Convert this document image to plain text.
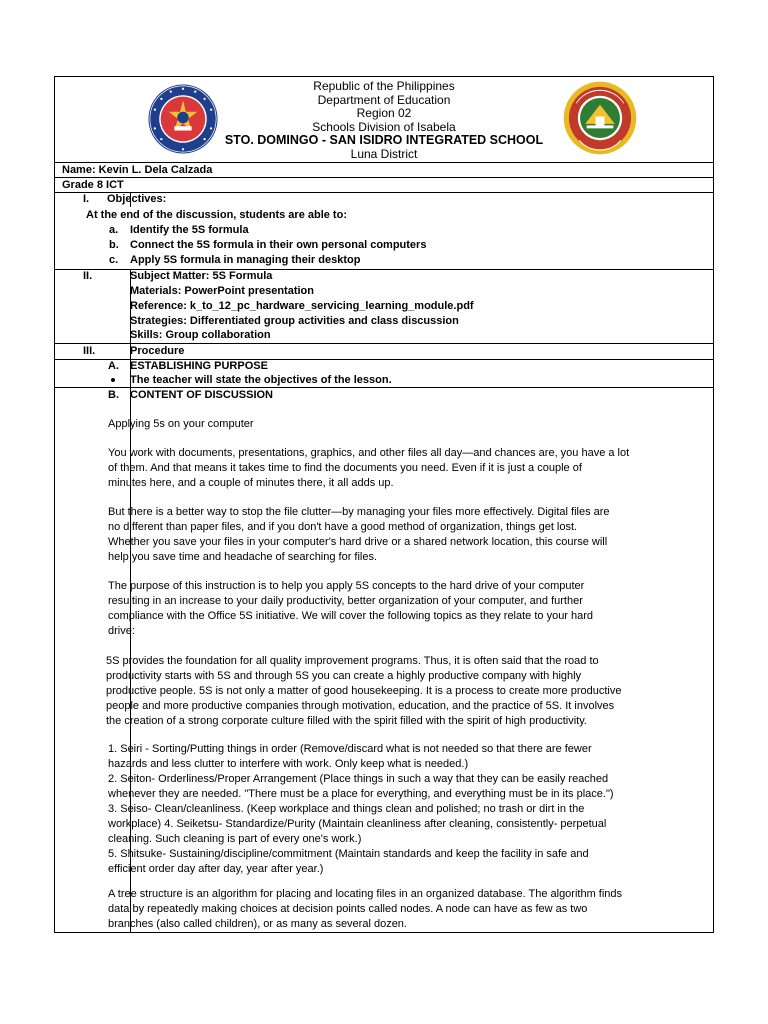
Republic of the Philippines
Department of Education
Region 02
Schools Division of Isabela
STO. DOMINGO - SAN ISIDRO INTEGRATED SCHOOL
Luna District
Name: Kevin L. Dela Calzada
Grade 8 ICT
I. Objectives:
At the end of the discussion, students are able to:
a. Identify the 5S formula
b. Connect the 5S formula in their own personal computers
c. Apply 5S formula in managing their desktop
II.	Subject Matter: 5S Formula
Materials: PowerPoint presentation
Reference: k_to_12_pc_hardware_servicing_learning_module.pdf
Strategies: Differentiated group activities and class discussion
Skills: Group collaboration
III.	Procedure
A. ESTABLISHING PURPOSE
The teacher will state the objectives of the lesson.
B. CONTENT OF DISCUSSION
Applying 5s on your computer
You work with documents, presentations, graphics, and other files all day—and chances are, you have a lot
of them. And that means it takes time to find the documents you need. Even if it is just a couple of
minutes here, and a couple of minutes there, it all adds up.
But there is a better way to stop the file clutter—by managing your files more effectively. Digital files are
no different than paper files, and if you don't have a good method of organization, things get lost.
Whether you save your files in your computer's hard drive or a shared network location, this course will
help you save time and headache of searching for files.
The purpose of this instruction is to help you apply 5S concepts to the hard drive of your computer
resulting in an increase to your daily productivity, better organization of your computer, and further
compliance with the Office 5S initiative. We will cover the following topics as they relate to your hard
drive:
5S provides the foundation for all quality improvement programs. Thus, it is often said that the road to
productivity starts with 5S and through 5S you can create a highly productive company with highly
productive people. 5S is not only a matter of good housekeeping. It is a process to create more productive
people and more productive companies through motivation, education, and the practice of 5S. It involves
the creation of a strong corporate culture filled with the spirit filled with the spirit of high productivity.
1. Seiri - Sorting/Putting things in order (Remove/discard what is not needed so that there are fewer
hazards and less clutter to interfere with work. Only keep what is needed.)
2. Seiton- Orderliness/Proper Arrangement (Place things in such a way that they can be easily reached
whenever they are needed. "There must be a place for everything, and everything must be in its place.")
3. Seiso- Clean/cleanliness. (Keep workplace and things clean and polished; no trash or dirt in the
workplace) 4. Seiketsu- Standardize/Purity (Maintain cleanliness after cleaning, consistently- perpetual
cleaning. Such cleaning is part of every one's work.)
5. Shitsuke- Sustaining/discipline/commitment (Maintain standards and keep the facility in safe and
efficient order day after day, year after year.)
A tree structure is an algorithm for placing and locating files in an organized database. The algorithm finds
data by repeatedly making choices at decision points called nodes. A node can have as few as two
branches (also called children), or as many as several dozen.
